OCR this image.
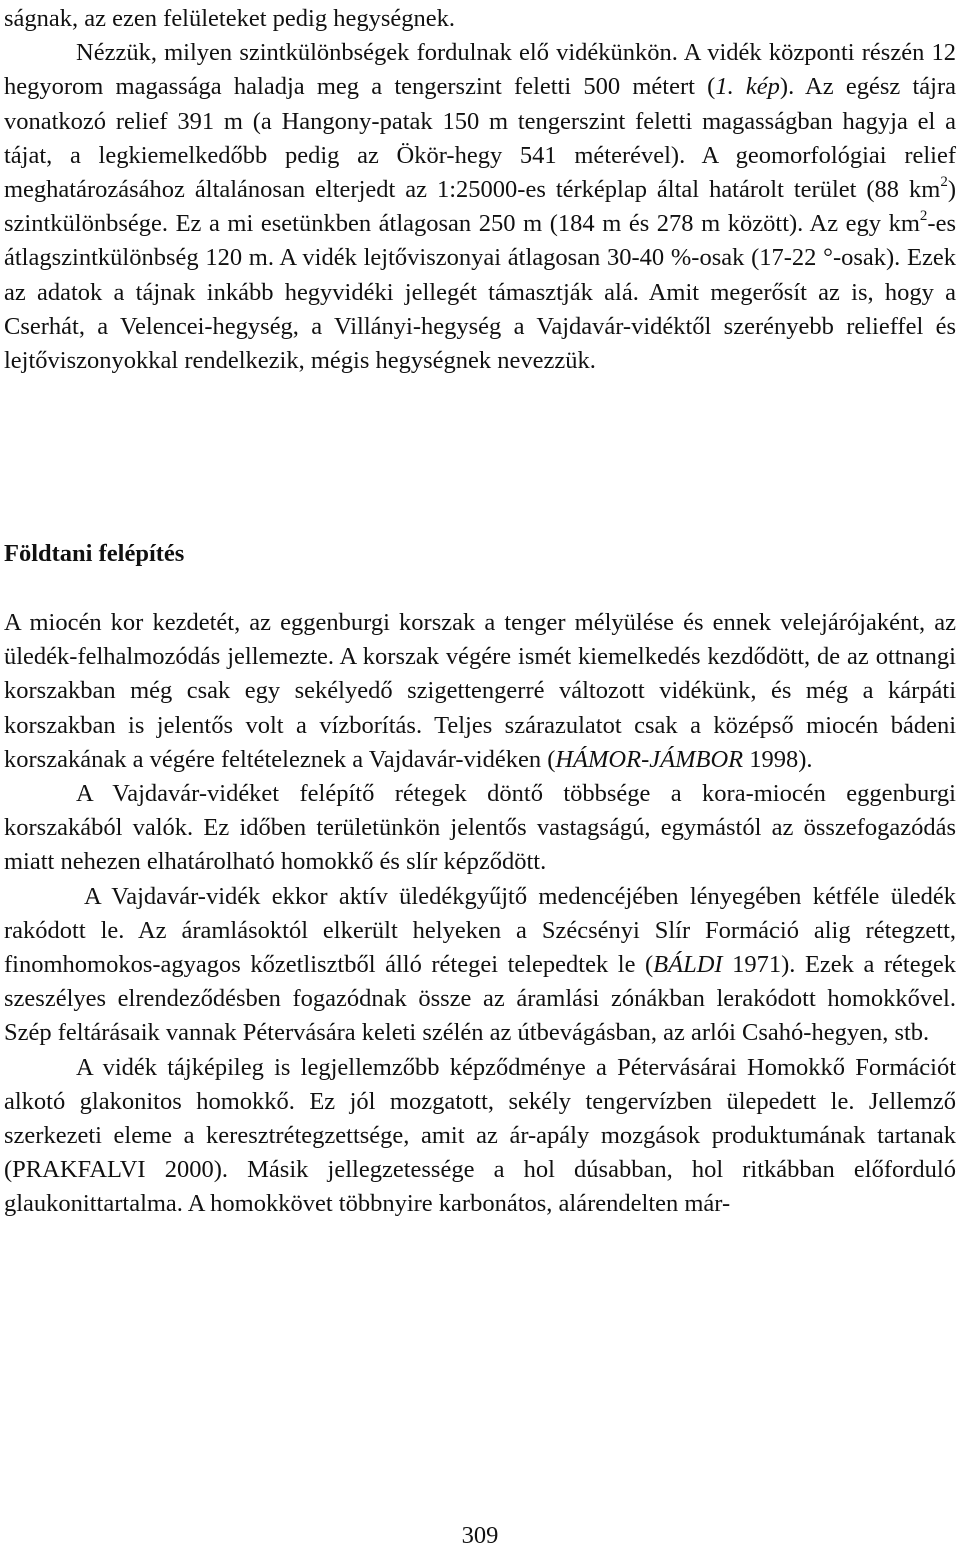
ságnak, az ezen felületeket pedig hegységnek.

Nézzük, milyen szintkülönbségek fordulnak elő vidékünkön. A vidék központi részén 12 hegyorom magassága haladja meg a tengerszint feletti 500 métert (1. kép). Az egész tájra vonatkozó relief 391 m (a Hangony-patak 150 m tengerszint feletti magasságban hagyja el a tájat, a legkiemelkedőbb pedig az Ökör-hegy 541 méterével). A geomorfológiai relief meghatározásához általánosan elterjedt az 1:25000-es térképlap által határolt terület (88 $km^2$) szintkülönbsége. Ez a mi esetünkben átlagosan 250 m (184 m és 278 m között). Az egy $km^2-es$ átlagszintkülönbség 120 m. A vidék lejtőviszonyai átlagosan 30-40 %-osak (17-22 °-osak). Ezek az adatok a tájnak inkább hegyvidéki jellegét támasztják alá. Amit megerősít az is, hogy a Cserhát, a Velencei-hegység, a Villányi-hegység a Vajdavár-vidéktől szerényebb relieffel és lejtőviszonyokkal rendelkezik, mégis hegységnek nevezzük.

Földtani felépítés

A miocén kor kezdetét, az eggenburgi korszak a tenger mélyülése és ennek velejárójaként, az üledék-felhalmozódás jellemezte. A korszak végére ismét kiemelkedés kezdődött, de az ottnangi korszakban még csak egy sekélyedő szigettengerré változott vidékünk, és még a kárpáti korszakban is jelentős volt a vízborítás. Teljes szárazulatot csak a középső miocén bádeni korszakának a végére feltételeznek a Vajdavár-vidéken (HÁMOR-JÁMBOR 1998).

A Vajdavár-vidéket felépítő rétegek döntő többsége a kora-miocén eggenburgi korszakából valók. Ez időben területünkön jelentős vastagságú, egymástól az összefogazódás miatt nehezen elhatárolható homokkő és slír képződött.

A Vajdavár-vidék ekkor aktív üledékgyűjtő medencéjében lényegében kétféle üledék rakódott le. Az áramlásoktól elkerült helyeken a Szécsényi Slír Formáció alig rétegzett, finomhomokos-agyagos kőzetlisztből álló rétegei telepedtek le (BÁLDI 1971). Ezek a rétegek szeszélyes elrendeződésben fogazódnak össze az áramlási zónákban lerakódott homokkővel. Szép feltárásaik vannak Pétervására keleti szélén az útbevágásban, az arlói Csahó-hegyen, stb.

A vidék tájképileg is legjellemzőbb képződménye a Pétervásárai Homokkő Formációt alkotó glakonitos homokkő. Ez jól mozgatott, sekély tengervízben ülepedett le. Jellemző szerkezeti eleme a keresztrétegzettsége, amit az ár-apály mozgások produktumának tartanak (PRAKFALVI 2000). Másik jellegzetessége a hol dúsabban, hol ritkábban előforduló glaukonittartalma. A homokkövet többnyire karbonátos, alárendelten már-

309
